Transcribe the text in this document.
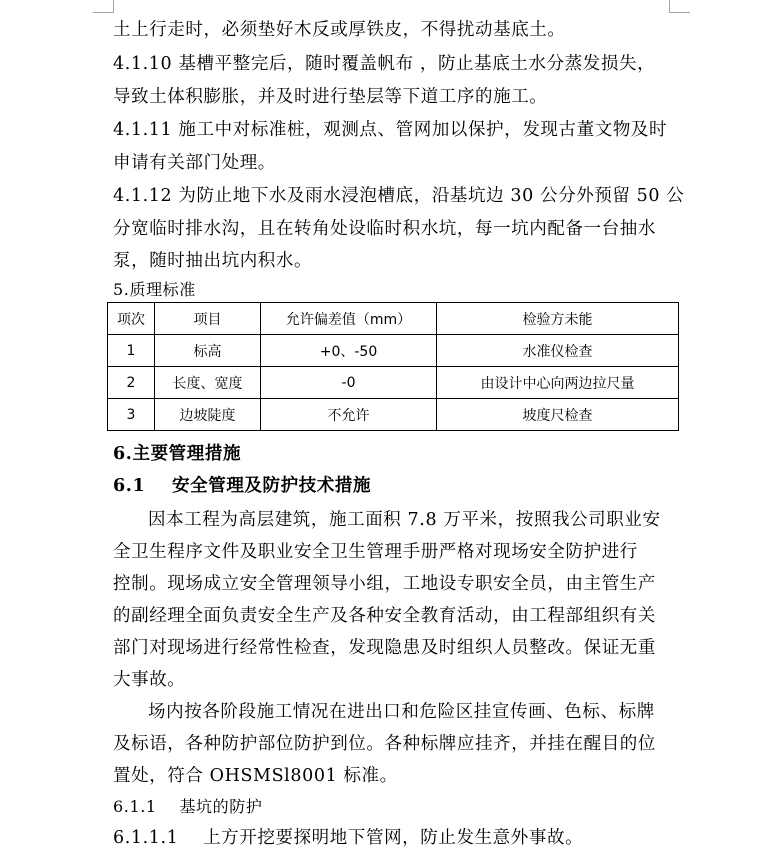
土上行走时，必须垫好木反或厚铁皮，不得扰动基底土。
4.1.10 基槽平整完后，随时覆盖帆布 ，防止基底土水分蒸发损失，
导致土体积膨胀，并及时进行垫层等下道工序的施工。
4.1.11 施工中对标准桩，观测点、管网加以保护，发现古董文物及时
申请有关部门处理。
4.1.12 为防止地下水及雨水浸泡槽底，沿基坑边 30 公分外预留 50 公
分宽临时排水沟，且在转角处设临时积水坑，每一坑内配备一台抽水
泵，随时抽出坑内积水。
5.质理标准
项次	项目	允许偏差值（mm）	检验方未能
1	标高	+0、-50	水准仪检查
2	长度、宽度	-0	由设计中心向两边拉尺量
3	边坡陡度	不允许	坡度尺检查
6.主要管理措施
6.1    安全管理及防护技术措施
因本工程为高层建筑，施工面积 7.8 万平米，按照我公司职业安
全卫生程序文件及职业安全卫生管理手册严格对现场安全防护进行
控制。现场成立安全管理领导小组，工地设专职安全员，由主管生产
的副经理全面负责安全生产及各种安全教育活动，由工程部组织有关
部门对现场进行经常性检查，发现隐患及时组织人员整改。保证无重
大事故。
场内按各阶段施工情况在进出口和危险区挂宣传画、色标、标牌
及标语，各种防护部位防护到位。各种标牌应挂齐，并挂在醒目的位
置处，符合 OHSMSl8001 标准。
6.1.1    基坑的防护
6.1.1.1    上方开挖要探明地下管网，防止发生意外事故。
